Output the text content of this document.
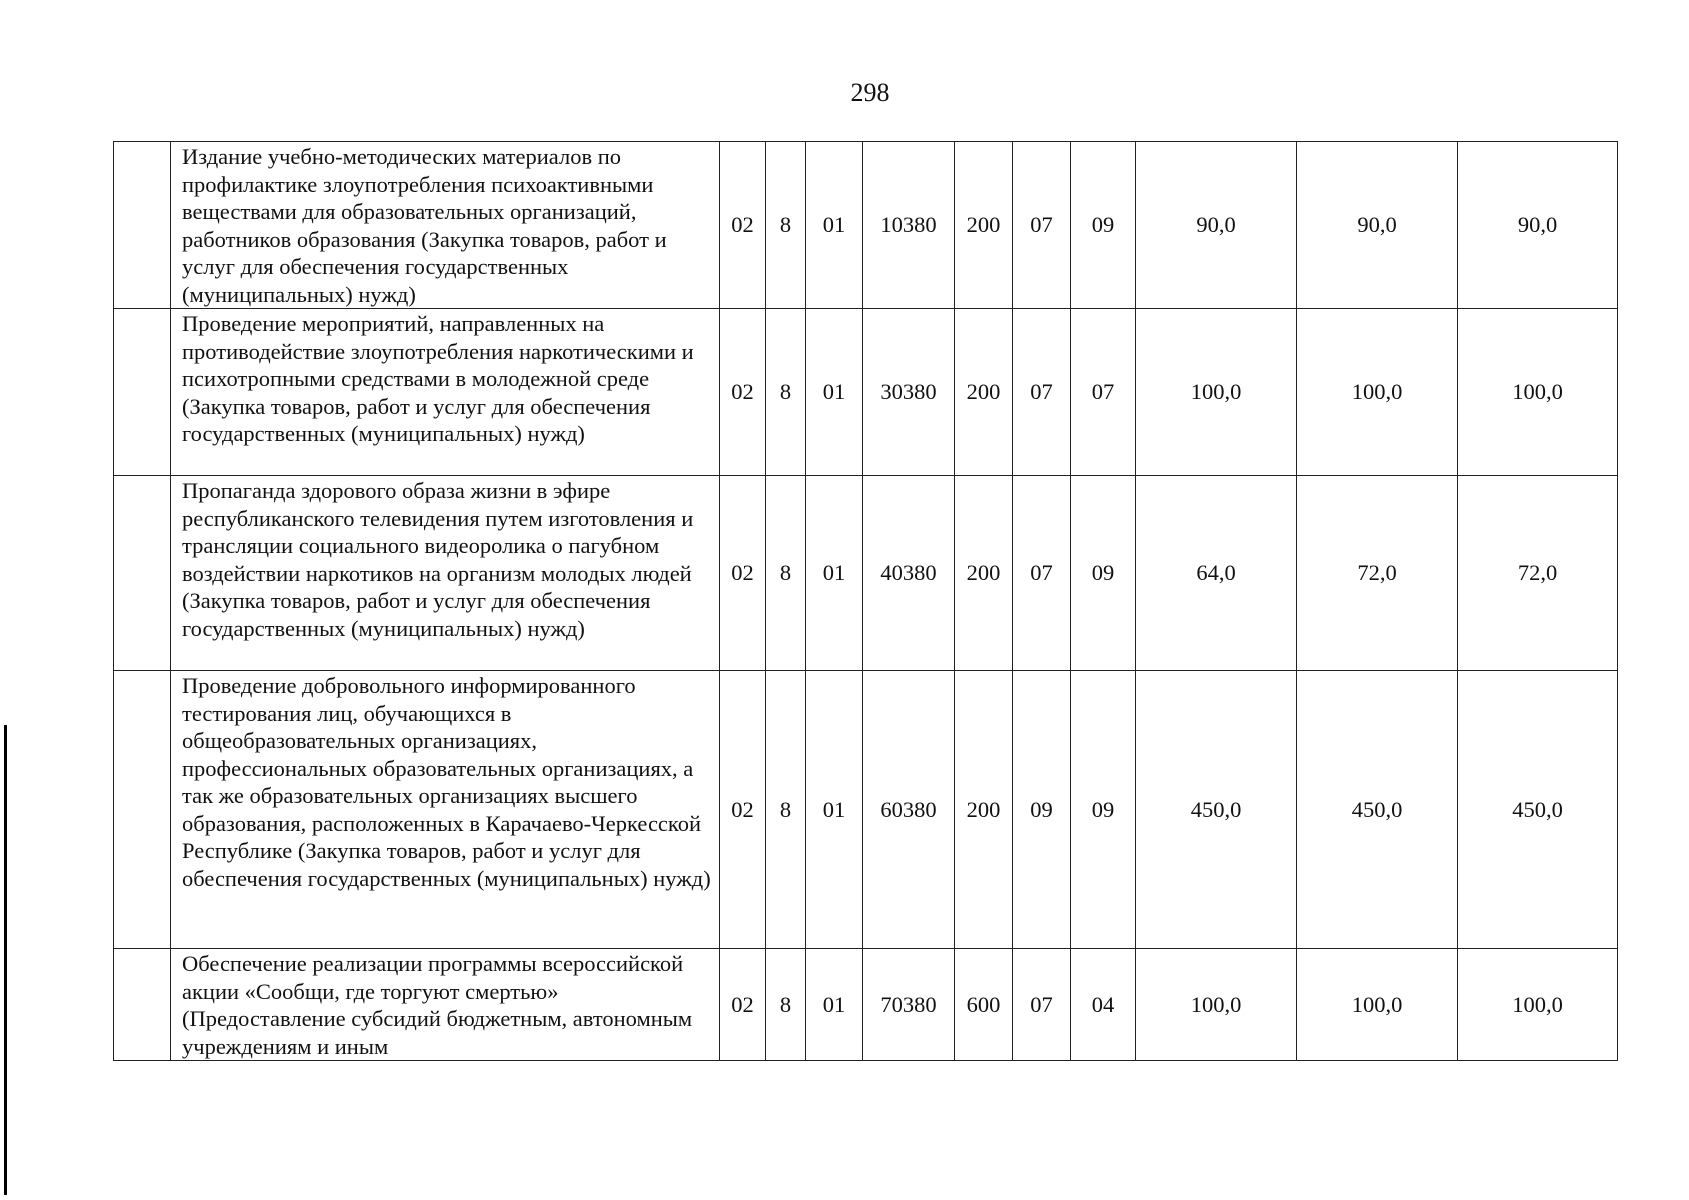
298
	Издание учебно-методических материалов по профилактике злоупотребления психоактивными веществами для образовательных организаций, работников образования (Закупка товаров, работ и услуг для обеспечения государственных (муниципальных) нужд)	02	8	01	10380	200	07	09	90,0	90,0	90,0
	Проведение мероприятий, направленных на противодействие злоупотребления наркотическими и психотропными средствами в молодежной среде (Закупка товаров, работ и услуг для обеспечения государственных (муниципальных) нужд)	02	8	01	30380	200	07	07	100,0	100,0	100,0
	Пропаганда здорового образа жизни в эфире республиканского телевидения путем изготовления и трансляции социального видеоролика о пагубном воздействии наркотиков на организм молодых людей (Закупка товаров, работ и услуг для обеспечения государственных (муниципальных) нужд)	02	8	01	40380	200	07	09	64,0	72,0	72,0
	Проведение добровольного информированного тестирования лиц, обучающихся в общеобразовательных организациях, профессиональных образовательных организациях, а так же образовательных организациях высшего образования, расположенных в Карачаево-Черкесской Республике (Закупка товаров, работ и услуг для обеспечения государственных (муниципальных) нужд)	02	8	01	60380	200	09	09	450,0	450,0	450,0
	Обеспечение реализации программы всероссийской акции «Сообщи, где торгуют смертью» (Предоставление субсидий бюджетным, автономным учреждениям и иным	02	8	01	70380	600	07	04	100,0	100,0	100,0
